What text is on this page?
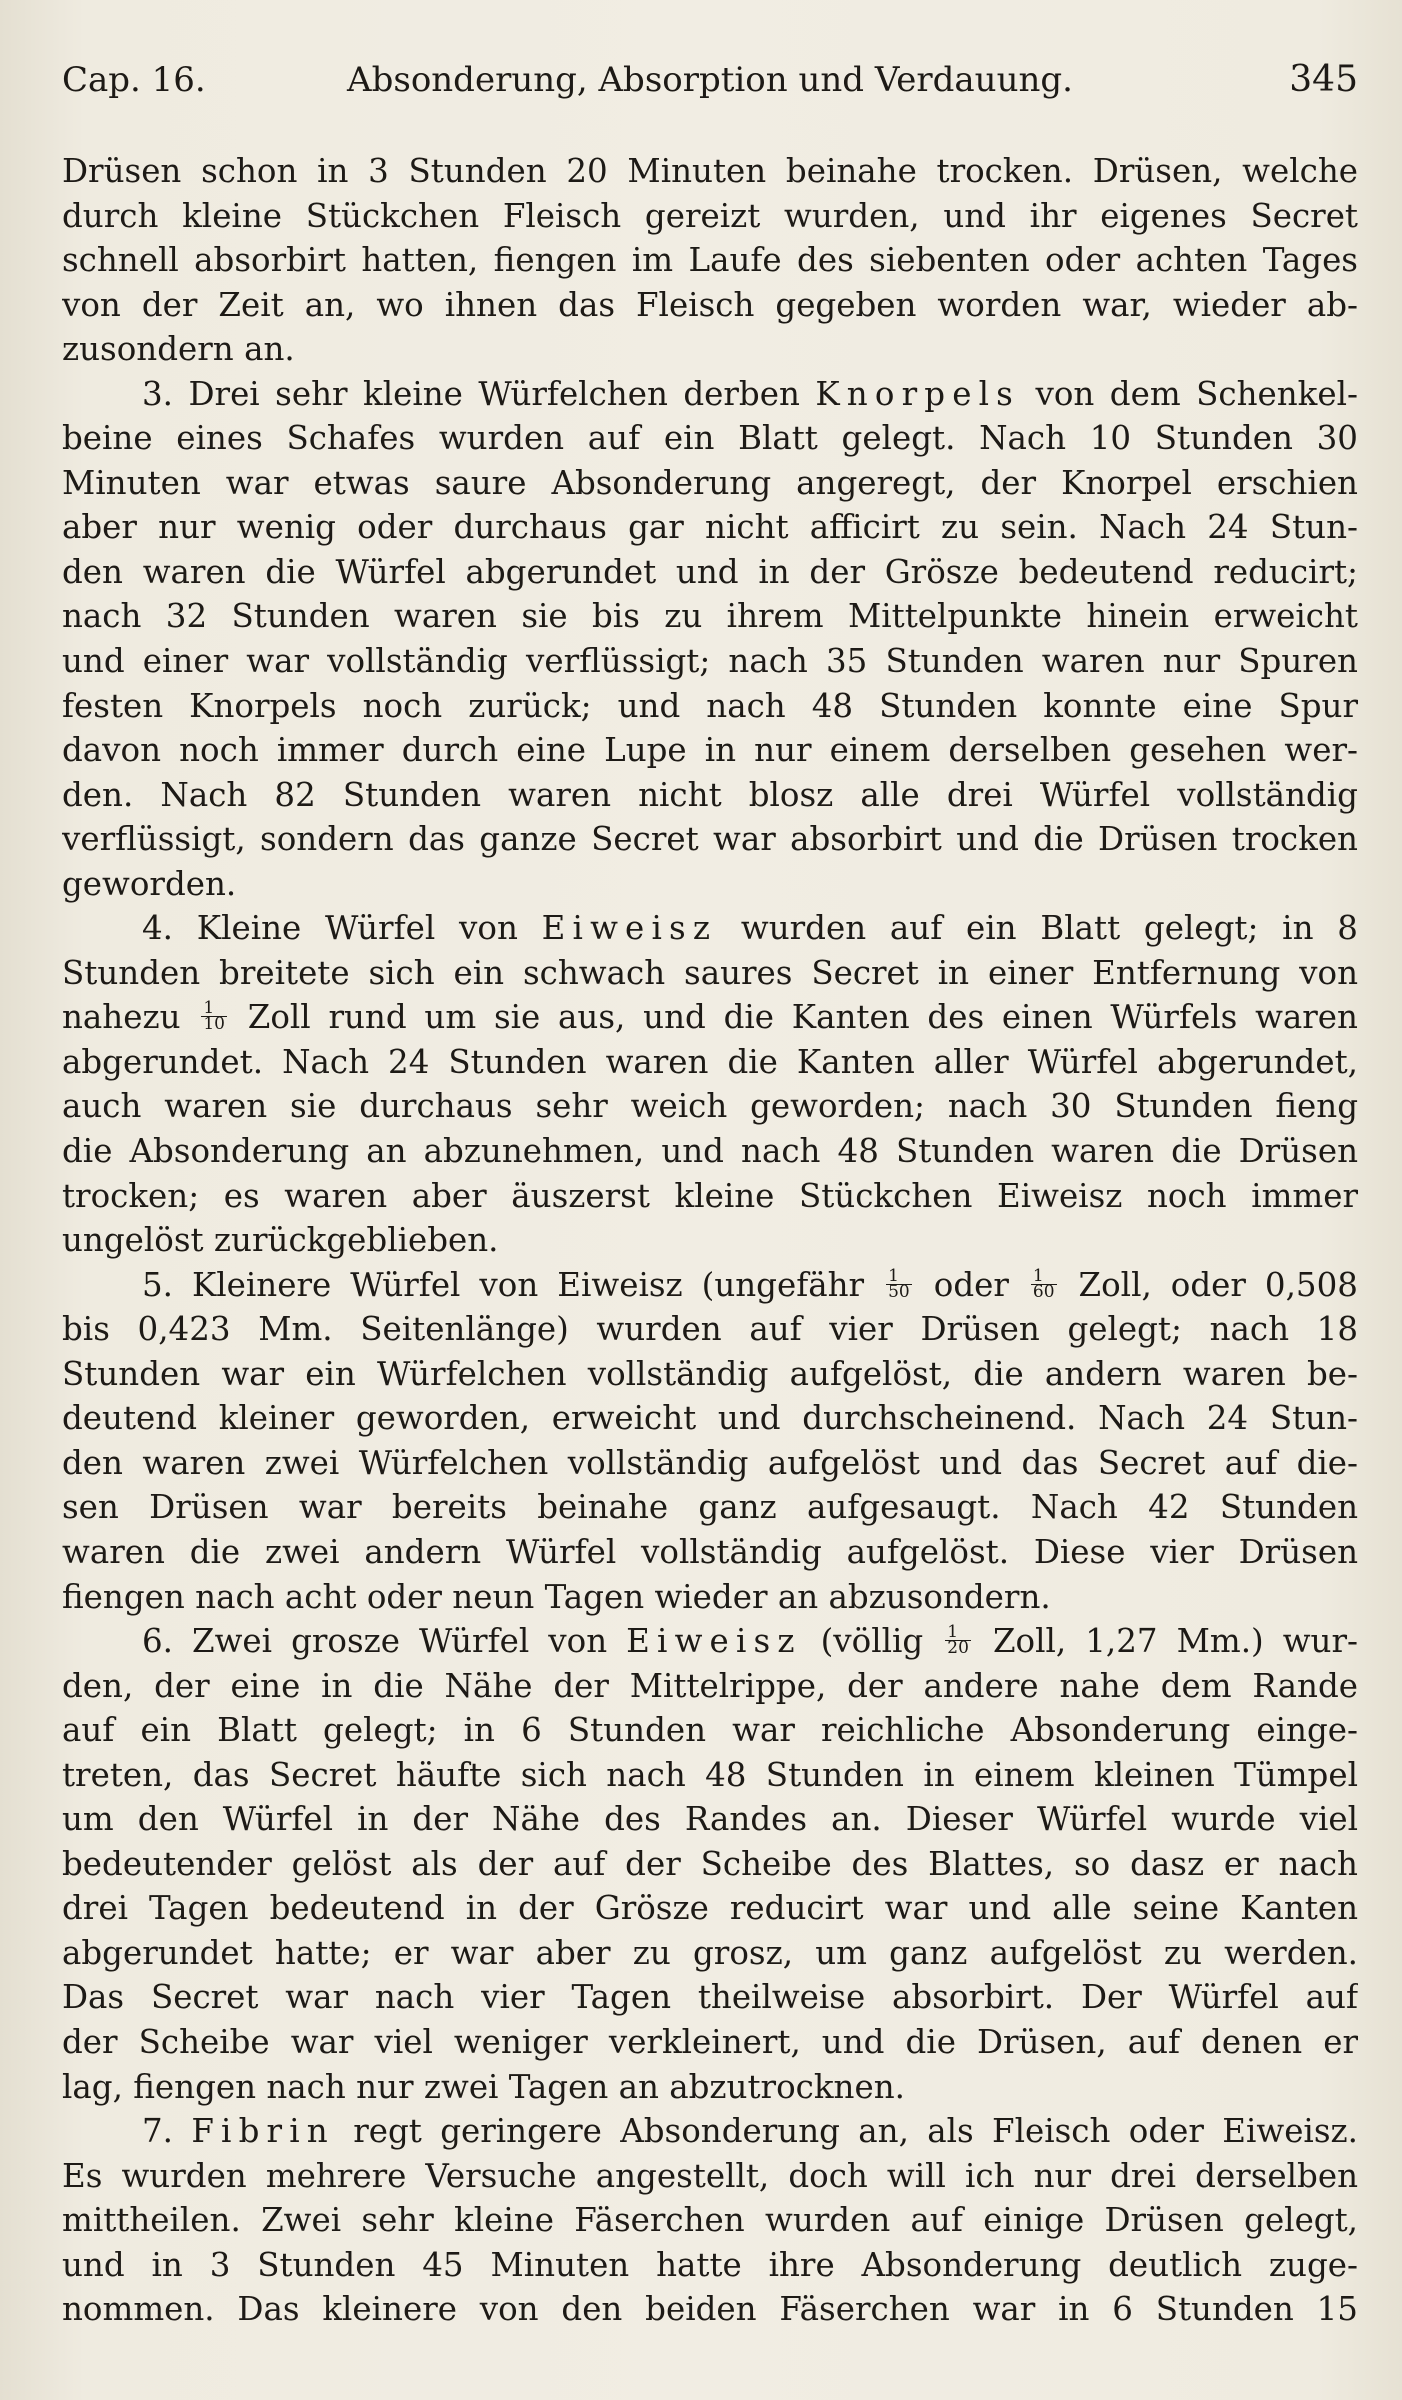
Cap. 16.	Absonderung, Absorption und Verdauung.	345
Drüsen schon in 3 Stunden 20 Minuten beinahe trocken. Drüsen, welche
durch kleine Stückchen Fleisch gereizt wurden, und ihr eigenes Secret
schnell absorbirt hatten, fiengen im Laufe des siebenten oder achten Tages
von der Zeit an, wo ihnen das Fleisch gegeben worden war, wieder ab-
zusondern an.
3. Drei sehr kleine Würfelchen derben Knorpels von dem Schenkel-
beine eines Schafes wurden auf ein Blatt gelegt. Nach 10 Stunden 30
Minuten war etwas saure Absonderung angeregt, der Knorpel erschien
aber nur wenig oder durchaus gar nicht afficirt zu sein. Nach 24 Stun-
den waren die Würfel abgerundet und in der Grösze bedeutend reducirt;
nach 32 Stunden waren sie bis zu ihrem Mittelpunkte hinein erweicht
und einer war vollständig verflüssigt; nach 35 Stunden waren nur Spuren
festen Knorpels noch zurück; und nach 48 Stunden konnte eine Spur
davon noch immer durch eine Lupe in nur einem derselben gesehen wer-
den. Nach 82 Stunden waren nicht blosz alle drei Würfel vollständig
verflüssigt, sondern das ganze Secret war absorbirt und die Drüsen trocken
geworden.
4. Kleine Würfel von Eiweisz wurden auf ein Blatt gelegt; in 8
Stunden breitete sich ein schwach saures Secret in einer Entfernung von
nahezu $\frac{1}{10}$ Zoll rund um sie aus, und die Kanten des einen Würfels waren
abgerundet. Nach 24 Stunden waren die Kanten aller Würfel abgerundet,
auch waren sie durchaus sehr weich geworden; nach 30 Stunden fieng
die Absonderung an abzunehmen, und nach 48 Stunden waren die Drüsen
trocken; es waren aber äuszerst kleine Stückchen Eiweisz noch immer
ungelöst zurückgeblieben.
5. Kleinere Würfel von Eiweisz (ungefähr $\frac{1}{50}$ oder $\frac{1}{60}$ Zoll, oder 0,508
bis 0,423 Mm. Seitenlänge) wurden auf vier Drüsen gelegt; nach 18
Stunden war ein Würfelchen vollständig aufgelöst, die andern waren be-
deutend kleiner geworden, erweicht und durchscheinend. Nach 24 Stun-
den waren zwei Würfelchen vollständig aufgelöst und das Secret auf die-
sen Drüsen war bereits beinahe ganz aufgesaugt. Nach 42 Stunden
waren die zwei andern Würfel vollständig aufgelöst. Diese vier Drüsen
fiengen nach acht oder neun Tagen wieder an abzusondern.
6. Zwei grosze Würfel von Eiweisz (völlig $\frac{1}{20}$ Zoll, 1,27 Mm.) wur-
den, der eine in die Nähe der Mittelrippe, der andere nahe dem Rande
auf ein Blatt gelegt; in 6 Stunden war reichliche Absonderung einge-
treten, das Secret häufte sich nach 48 Stunden in einem kleinen Tümpel
um den Würfel in der Nähe des Randes an. Dieser Würfel wurde viel
bedeutender gelöst als der auf der Scheibe des Blattes, so dasz er nach
drei Tagen bedeutend in der Grösze reducirt war und alle seine Kanten
abgerundet hatte; er war aber zu grosz, um ganz aufgelöst zu werden.
Das Secret war nach vier Tagen theilweise absorbirt. Der Würfel auf
der Scheibe war viel weniger verkleinert, und die Drüsen, auf denen er
lag, fiengen nach nur zwei Tagen an abzutrocknen.
7. Fibrin regt geringere Absonderung an, als Fleisch oder Eiweisz.
Es wurden mehrere Versuche angestellt, doch will ich nur drei derselben
mittheilen. Zwei sehr kleine Fäserchen wurden auf einige Drüsen gelegt,
und in 3 Stunden 45 Minuten hatte ihre Absonderung deutlich zuge-
nommen. Das kleinere von den beiden Fäserchen war in 6 Stunden 15
